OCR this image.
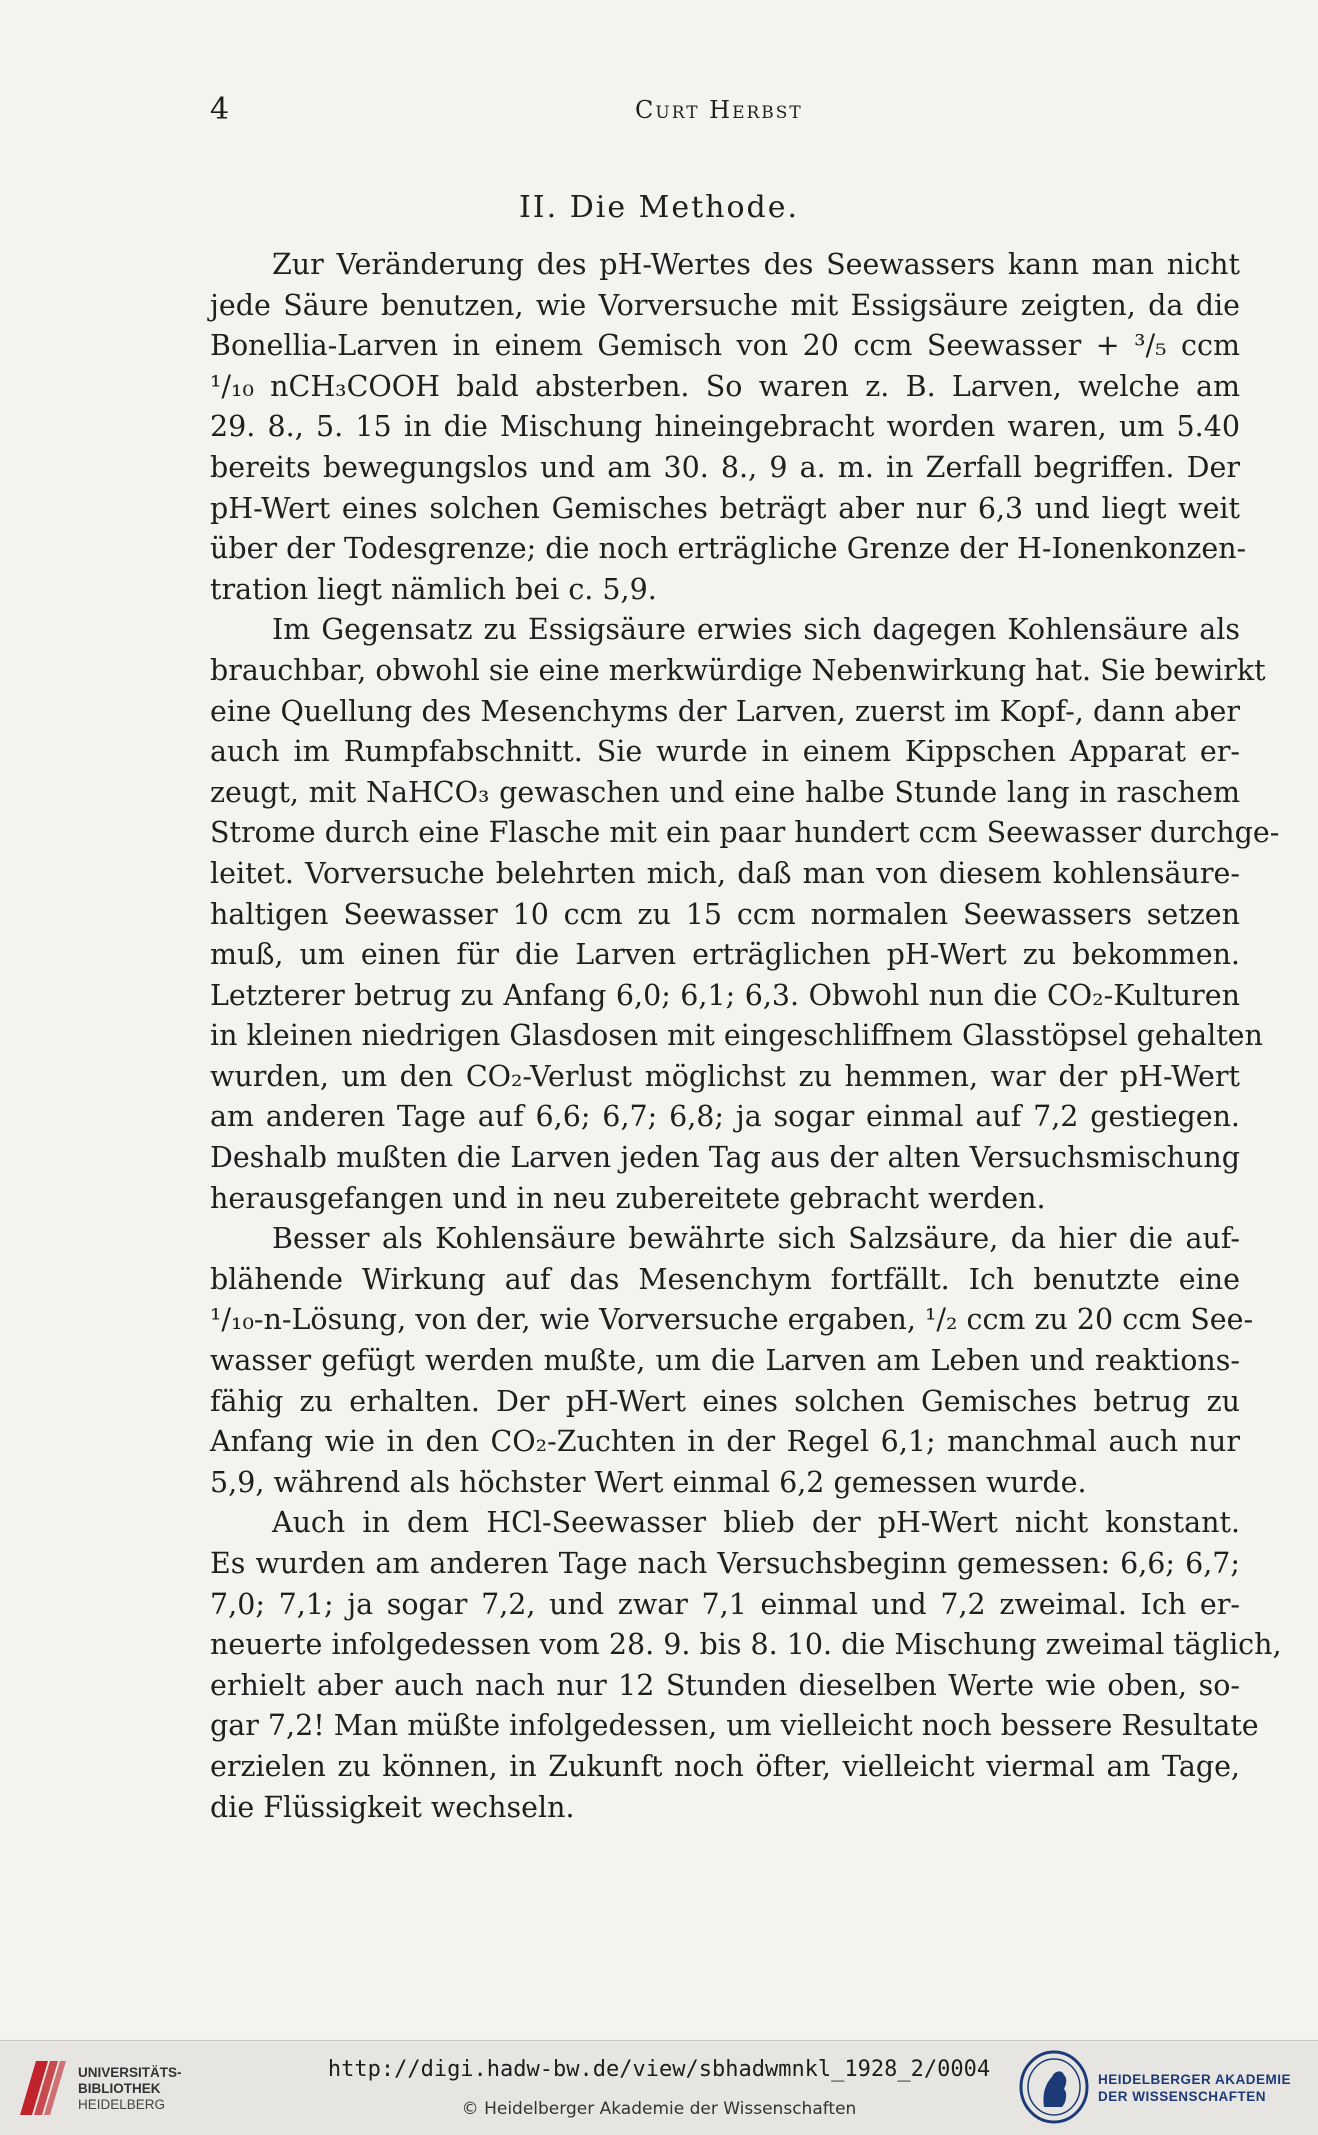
4	Curt Herbst
II. Die Methode.
Zur Veränderung des pH-Wertes des Seewassers kann man nicht
jede Säure benutzen, wie Vorversuche mit Essigsäure zeigten, da die
Bonellia-Larven in einem Gemisch von 20 ccm Seewasser + ³/₅ ccm
¹/₁₀ nCH₃COOH bald absterben. So waren z. B. Larven, welche am
29. 8., 5. 15 in die Mischung hineingebracht worden waren, um 5.40
bereits bewegungslos und am 30. 8., 9 a. m. in Zerfall begriffen. Der
pH-Wert eines solchen Gemisches beträgt aber nur 6,3 und liegt weit
über der Todesgrenze; die noch erträgliche Grenze der H-Ionenkonzen-
tration liegt nämlich bei c. 5,9.
Im Gegensatz zu Essigsäure erwies sich dagegen Kohlensäure als
brauchbar, obwohl sie eine merkwürdige Nebenwirkung hat. Sie bewirkt
eine Quellung des Mesenchyms der Larven, zuerst im Kopf-, dann aber
auch im Rumpfabschnitt. Sie wurde in einem Kippschen Apparat er-
zeugt, mit NaHCO₃ gewaschen und eine halbe Stunde lang in raschem
Strome durch eine Flasche mit ein paar hundert ccm Seewasser durchge-
leitet. Vorversuche belehrten mich, daß man von diesem kohlensäure-
haltigen Seewasser 10 ccm zu 15 ccm normalen Seewassers setzen
muß, um einen für die Larven erträglichen pH-Wert zu bekommen.
Letzterer betrug zu Anfang 6,0; 6,1; 6,3. Obwohl nun die CO₂-Kulturen
in kleinen niedrigen Glasdosen mit eingeschliffnem Glasstöpsel gehalten
wurden, um den CO₂-Verlust möglichst zu hemmen, war der pH-Wert
am anderen Tage auf 6,6; 6,7; 6,8; ja sogar einmal auf 7,2 gestiegen.
Deshalb mußten die Larven jeden Tag aus der alten Versuchsmischung
herausgefangen und in neu zubereitete gebracht werden.
Besser als Kohlensäure bewährte sich Salzsäure, da hier die auf-
blähende Wirkung auf das Mesenchym fortfällt. Ich benutzte eine
¹/₁₀-n-Lösung, von der, wie Vorversuche ergaben, ¹/₂ ccm zu 20 ccm See-
wasser gefügt werden mußte, um die Larven am Leben und reaktions-
fähig zu erhalten. Der pH-Wert eines solchen Gemisches betrug zu
Anfang wie in den CO₂-Zuchten in der Regel 6,1; manchmal auch nur
5,9, während als höchster Wert einmal 6,2 gemessen wurde.
Auch in dem HCl-Seewasser blieb der pH-Wert nicht konstant.
Es wurden am anderen Tage nach Versuchsbeginn gemessen: 6,6; 6,7;
7,0; 7,1; ja sogar 7,2, und zwar 7,1 einmal und 7,2 zweimal. Ich er-
neuerte infolgedessen vom 28. 9. bis 8. 10. die Mischung zweimal täglich,
erhielt aber auch nach nur 12 Stunden dieselben Werte wie oben, so-
gar 7,2! Man müßte infolgedessen, um vielleicht noch bessere Resultate
erzielen zu können, in Zukunft noch öfter, vielleicht viermal am Tage,
die Flüssigkeit wechseln.
UNIVERSITÄTS-
BIBLIOTHEK
HEIDELBERG
http://digi.hadw-bw.de/view/sbhadwmnkl_1928_2/0004
© Heidelberger Akademie der Wissenschaften
HEIDELBERGER AKADEMIE
DER WISSENSCHAFTEN
